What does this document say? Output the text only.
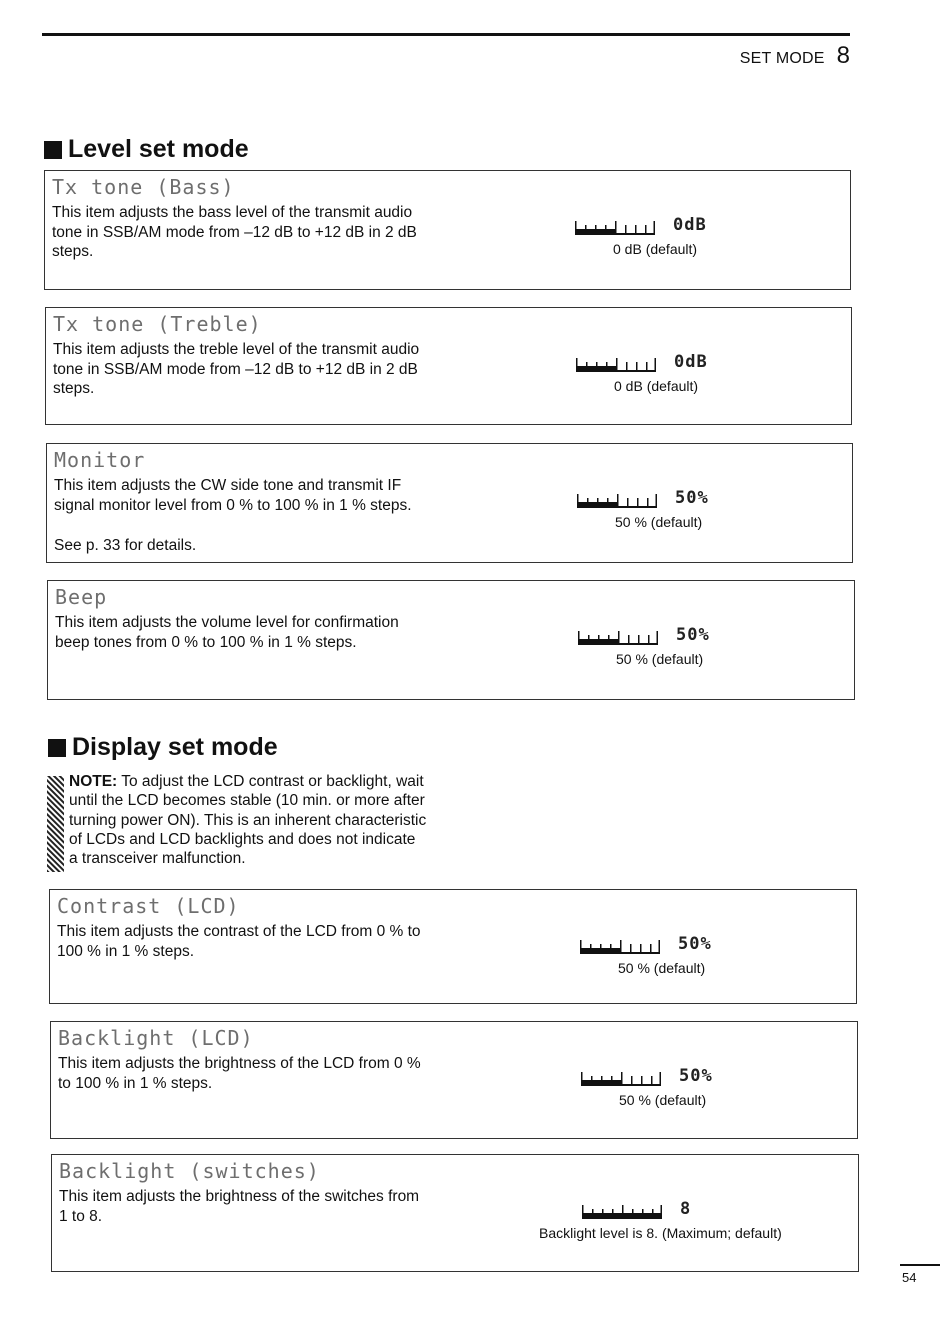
SET MODE 8
Level set mode
Tx tone (Bass)
This item adjusts the bass level of the transmit audio
tone in SSB/AM mode from –12 dB to +12 dB in 2 dB
steps.
0dB
0 dB (default)
Tx tone (Treble)
This item adjusts the treble level of the transmit audio
tone in SSB/AM mode from –12 dB to +12 dB in 2 dB
steps.
0dB
0 dB (default)
Monitor
This item adjusts the CW side tone and transmit IF
signal monitor level from 0 % to 100 % in 1 % steps.
See p. 33 for details.
50%
50 % (default)
Beep
This item adjusts the volume level for confirmation
beep tones from 0 % to 100 % in 1 % steps.	50%
50 % (default)
Display set mode
NOTE: To adjust the LCD contrast or backlight, wait
until the LCD becomes stable (10 min. or more after
turning power ON). This is an inherent characteristic
of LCDs and LCD backlights and does not indicate
a transceiver malfunction.
Contrast (LCD)
This item adjusts the contrast of the LCD from 0 % to
100 % in 1 % steps.	50%
50 % (default)
Backlight (LCD)
This item adjusts the brightness of the LCD from 0 %
to 100 % in 1 % steps.	50%
50 % (default)
Backlight (switches)
This item adjusts the brightness of the switches from
1 to 8.	8
Backlight level is 8. (Maximum; default)
54
